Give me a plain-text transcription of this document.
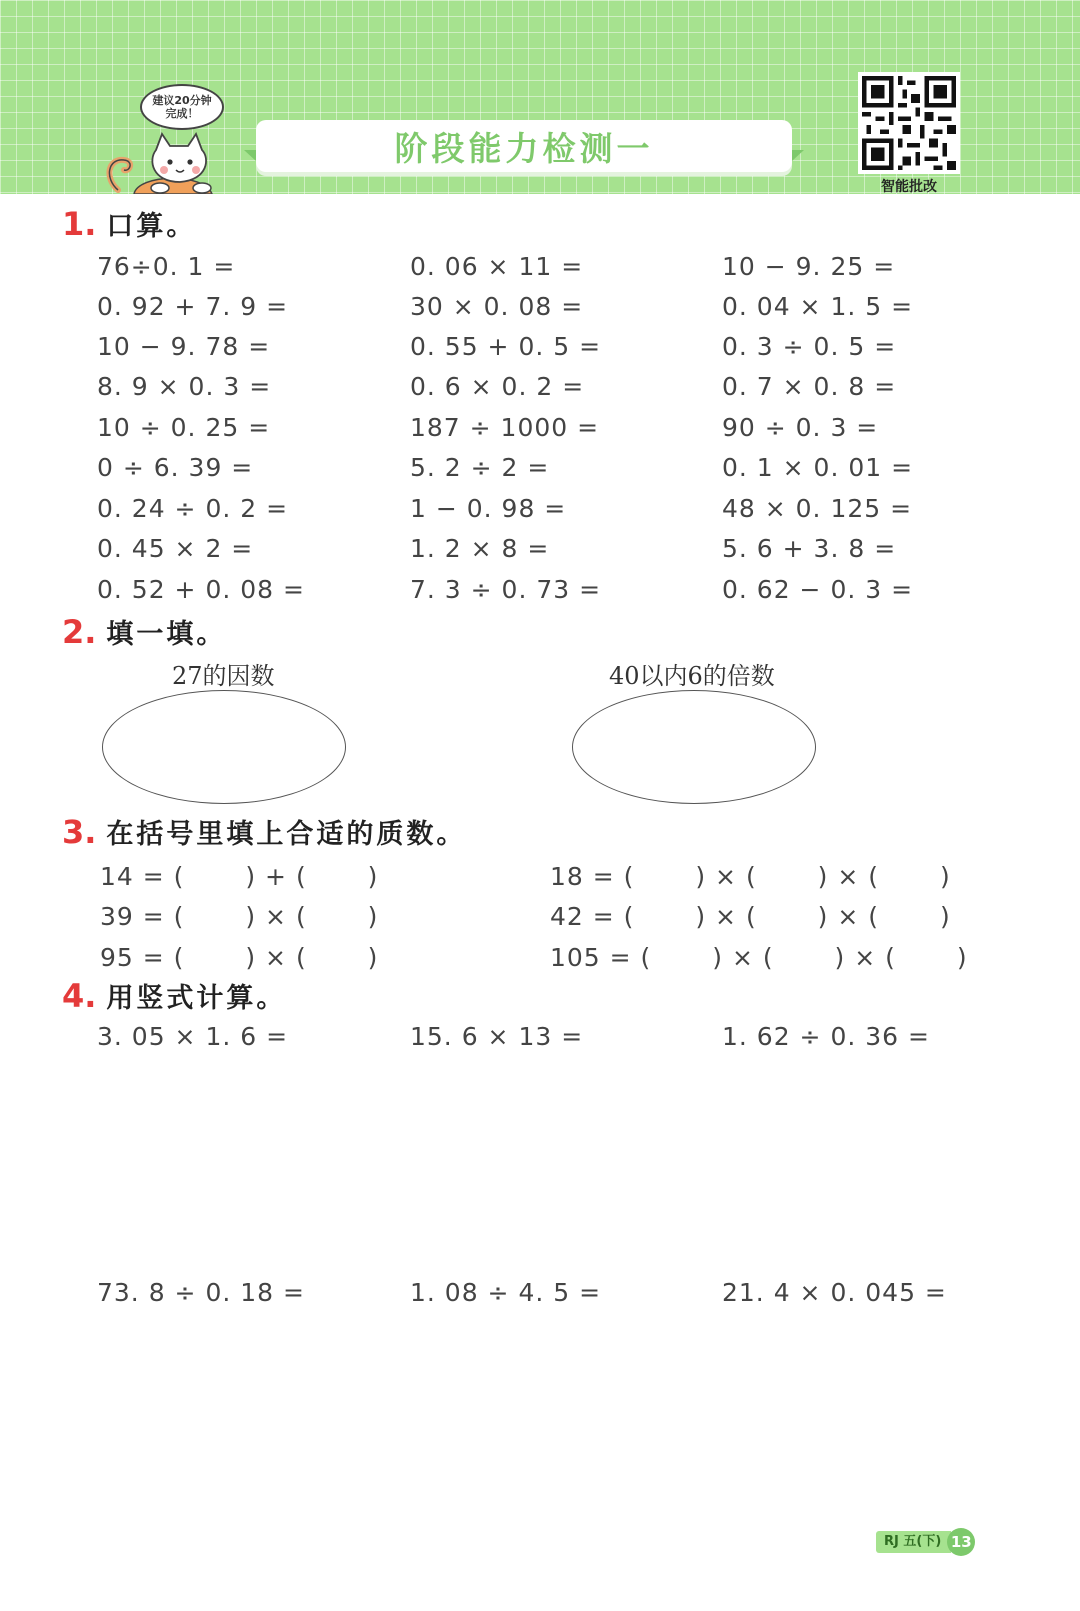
建议20分钟
完成！
阶段能力检测一
智能批改
1. 口算。
76÷0. 1 =	0. 06 × 11 =	10 − 9. 25 =
0. 92 + 7. 9 =	30 × 0. 08 =	0. 04 × 1. 5 =
10 − 9. 78 =	0. 55 + 0. 5 =	0. 3 ÷ 0. 5 =
8. 9 × 0. 3 =	0. 6 × 0. 2 =	0. 7 × 0. 8 =
10 ÷ 0. 25 =	187 ÷ 1000 =	90 ÷ 0. 3 =
0 ÷ 6. 39 =	5. 2 ÷ 2 =	0. 1 × 0. 01 =
0. 24 ÷ 0. 2 =	1 − 0. 98 =	48 × 0. 125 =
0. 45 × 2 =	1. 2 × 8 =	5. 6 + 3. 8 =
0. 52 + 0. 08 =	7. 3 ÷ 0. 73 =	0. 62 − 0. 3 =
2. 填一填。
27的因数	40以内6的倍数
3. 在括号里填上合适的质数。
14 = (　　 ) + (　　 )	18 = (　　 ) × (　　 ) × (　　 )
39 = (　　 ) × (　　 )	42 = (　　 ) × (　　 ) × (　　 )
95 = (　　 ) × (　　 )	105 = (　　 ) × (　　 ) × (　　 )
4. 用竖式计算。
3. 05 × 1. 6 =	15. 6 × 13 =	1. 62 ÷ 0. 36 =
73. 8 ÷ 0. 18 =	1. 08 ÷ 4. 5 =	21. 4 × 0. 045 =
RJ 五(下) 13
